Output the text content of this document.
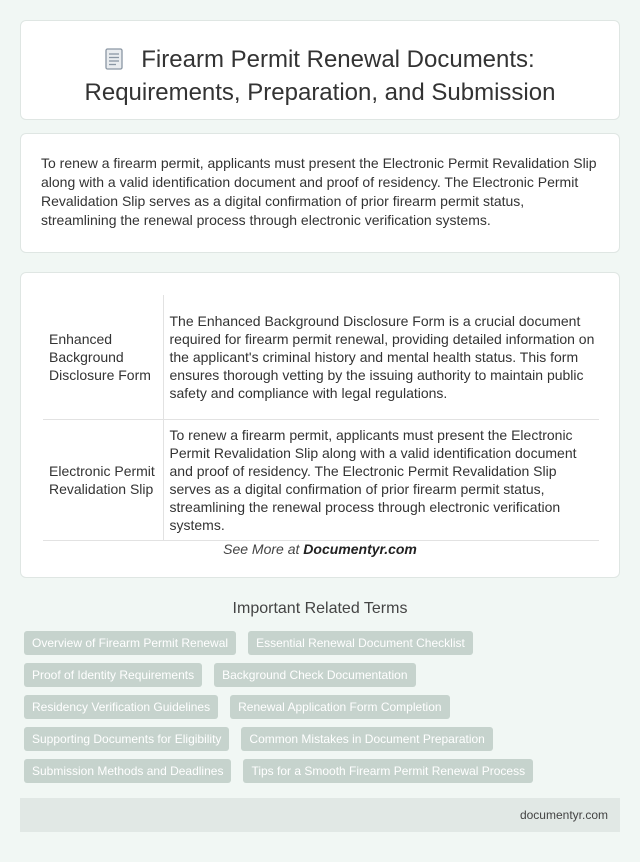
Firearm Permit Renewal Documents:
Requirements, Preparation, and Submission

To renew a firearm permit, applicants must present the Electronic Permit Revalidation Slip along with a valid identification document and proof of residency. The Electronic Permit Revalidation Slip serves as a digital confirmation of prior firearm permit status, streamlining the renewal process through electronic verification systems.

Enhanced Background Disclosure Form	The Enhanced Background Disclosure Form is a crucial document required for firearm permit renewal, providing detailed information on the applicant's criminal history and mental health status. This form ensures thorough vetting by the issuing authority to maintain public safety and compliance with legal regulations.
Electronic Permit Revalidation Slip	To renew a firearm permit, applicants must present the Electronic Permit Revalidation Slip along with a valid identification document and proof of residency. The Electronic Permit Revalidation Slip serves as a digital confirmation of prior firearm permit status, streamlining the renewal process through electronic verification systems.
See More at Documentyr.com
Important Related Terms
Overview of Firearm Permit Renewal	Essential Renewal Document Checklist
Proof of Identity Requirements	Background Check Documentation
Residency Verification Guidelines	Renewal Application Form Completion
Supporting Documents for Eligibility	Common Mistakes in Document Preparation
Submission Methods and Deadlines	Tips for a Smooth Firearm Permit Renewal Process
documentyr.com
